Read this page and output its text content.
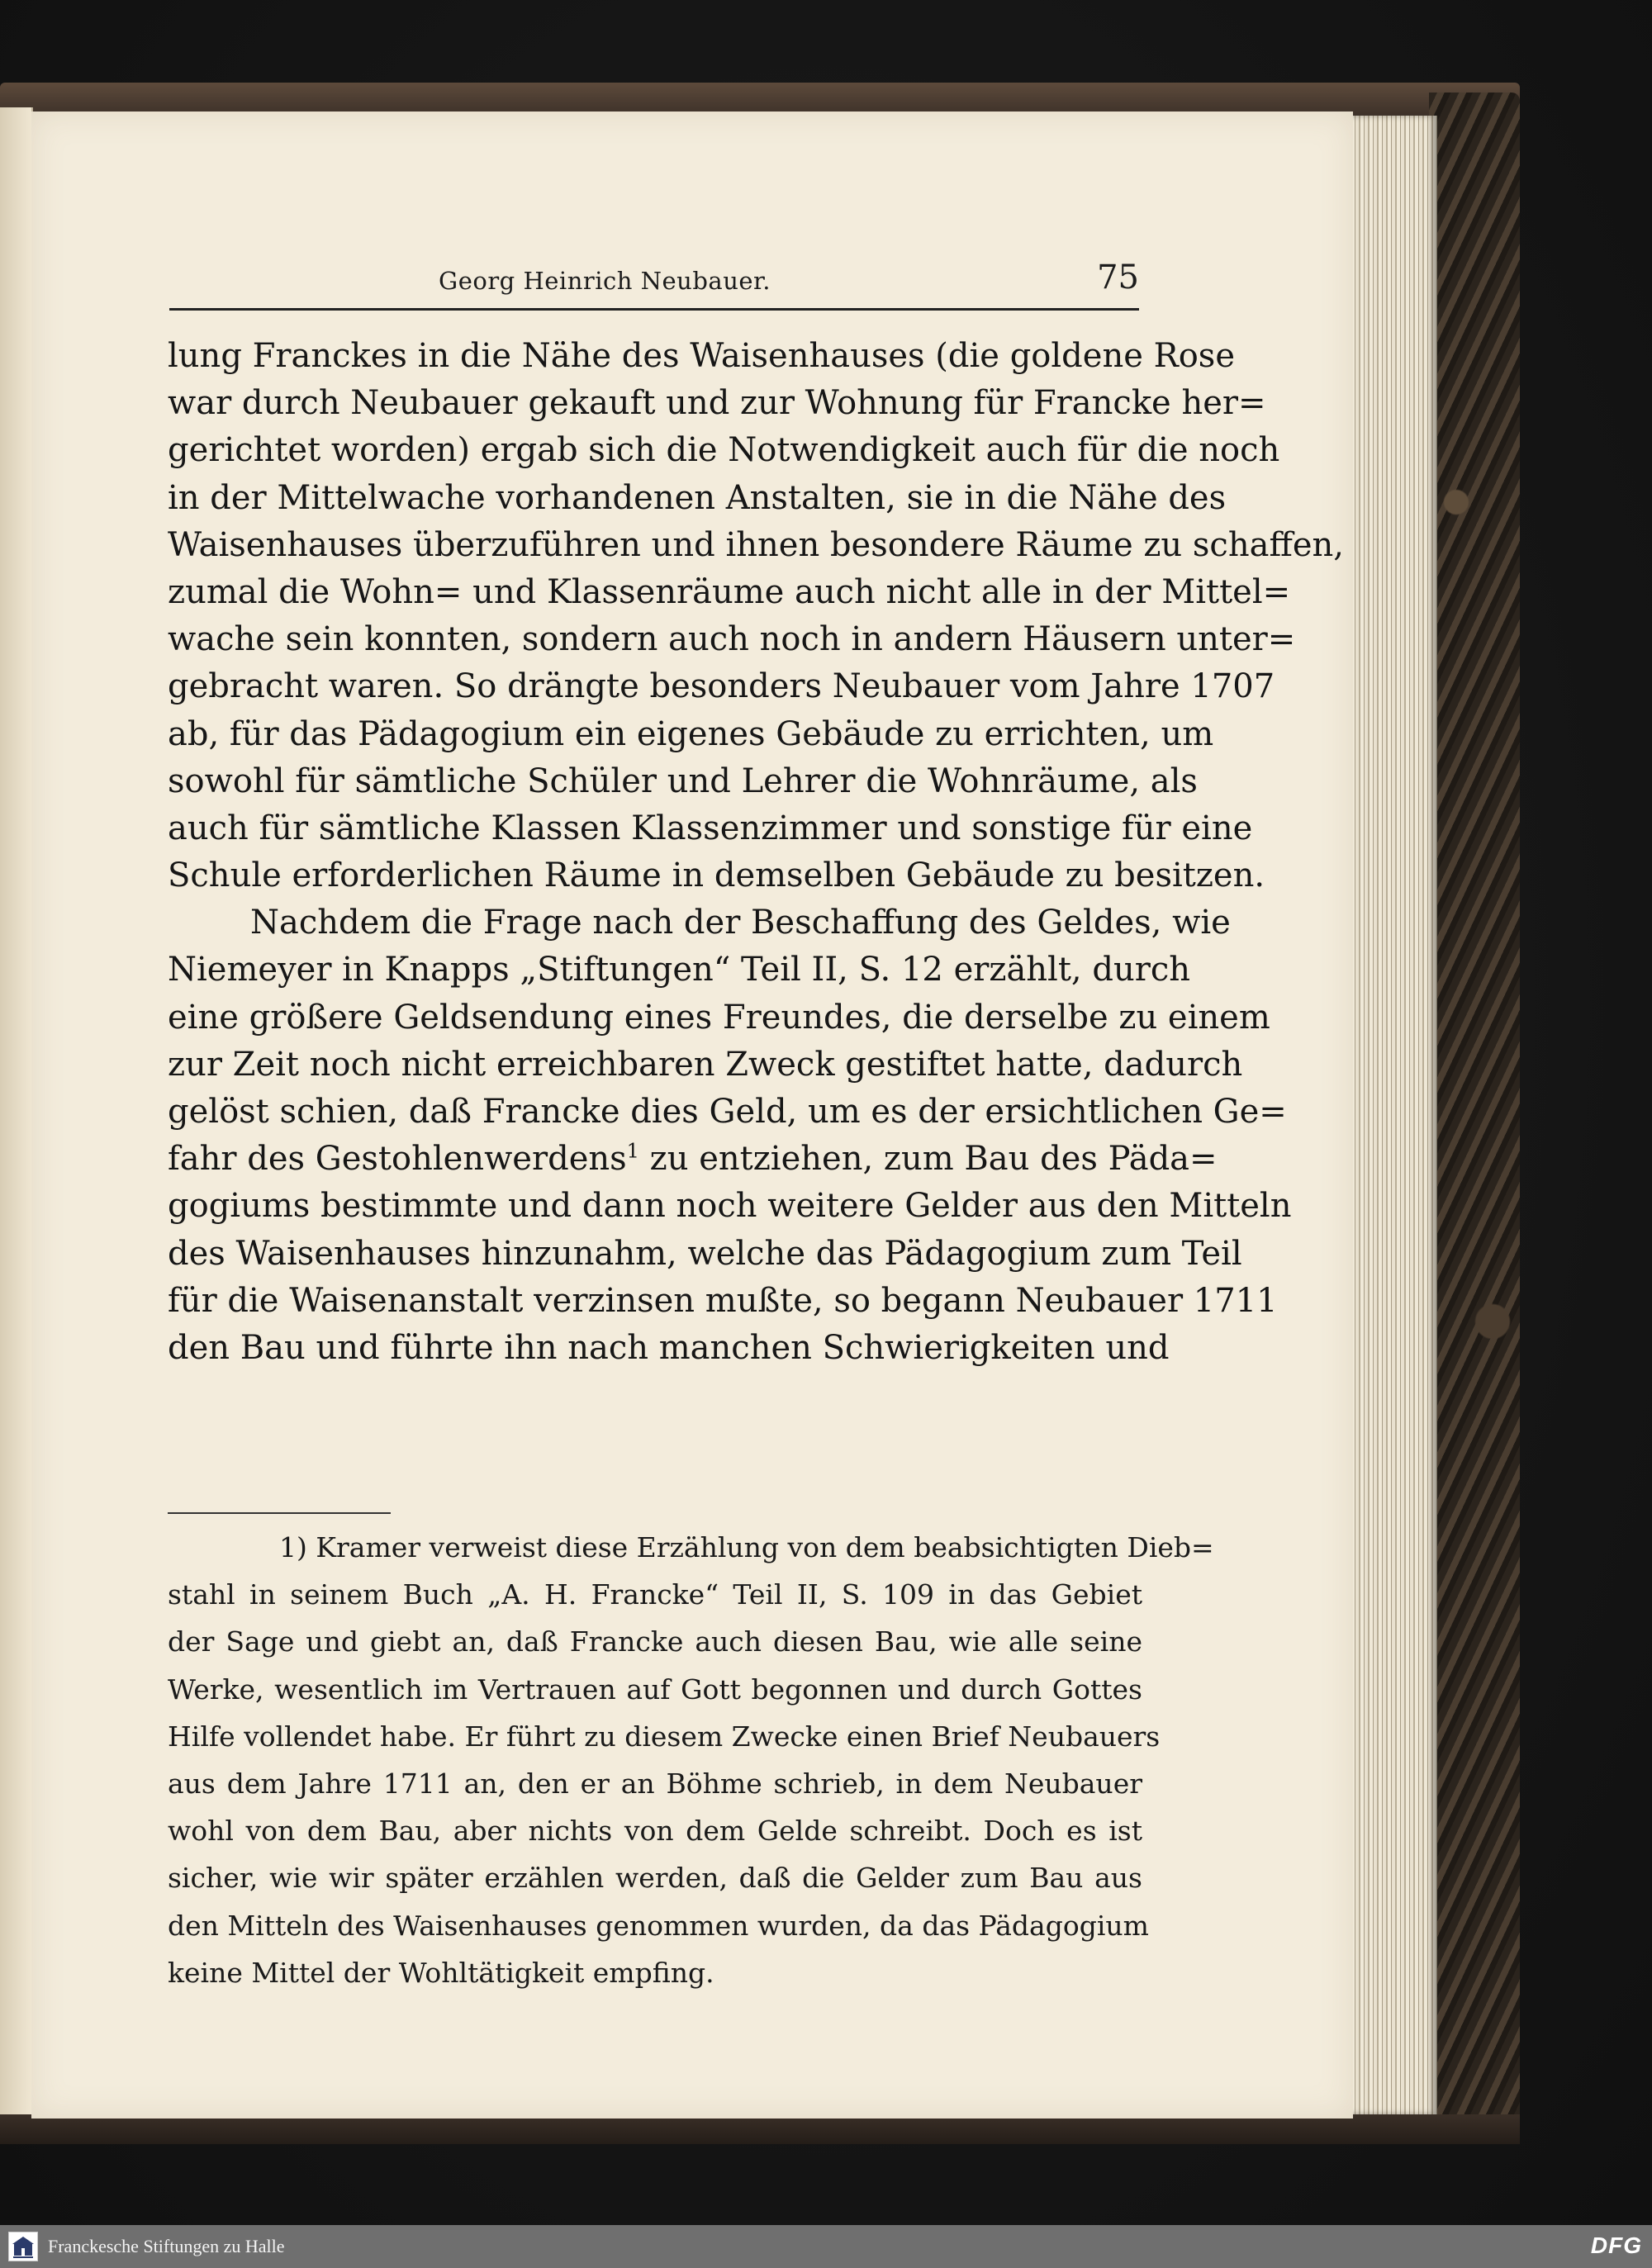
Georg Heinrich Neubauer.	75
lung Franckes in die Nähe des Waisenhauses (die goldene Rose
war durch Neubauer gekauft und zur Wohnung für Francke her=
gerichtet worden) ergab sich die Notwendigkeit auch für die noch
in der Mittelwache vorhandenen Anstalten, sie in die Nähe des
Waisenhauses überzuführen und ihnen besondere Räume zu schaffen,
zumal die Wohn= und Klassenräume auch nicht alle in der Mittel=
wache sein konnten, sondern auch noch in andern Häusern unter=
gebracht waren. So drängte besonders Neubauer vom Jahre 1707
ab, für das Pädagogium ein eigenes Gebäude zu errichten, um
sowohl für sämtliche Schüler und Lehrer die Wohnräume, als
auch für sämtliche Klassen Klassenzimmer und sonstige für eine
Schule erforderlichen Räume in demselben Gebäude zu besitzen.
Nachdem die Frage nach der Beschaffung des Geldes, wie
Niemeyer in Knapps „Stiftungen“ Teil II, S. 12 erzählt, durch
eine größere Geldsendung eines Freundes, die derselbe zu einem
zur Zeit noch nicht erreichbaren Zweck gestiftet hatte, dadurch
gelöst schien, daß Francke dies Geld, um es der ersichtlichen Ge=
fahr des Gestohlenwerdens$^1$ zu entziehen, zum Bau des Päda=
gogiums bestimmte und dann noch weitere Gelder aus den Mitteln
des Waisenhauses hinzunahm, welche das Pädagogium zum Teil
für die Waisenanstalt verzinsen mußte, so begann Neubauer 1711
den Bau und führte ihn nach manchen Schwierigkeiten und
1) Kramer verweist diese Erzählung von dem beabsichtigten Dieb=
stahl in seinem Buch „A. H. Francke“ Teil II, S. 109 in das Gebiet
der Sage und giebt an, daß Francke auch diesen Bau, wie alle seine
Werke, wesentlich im Vertrauen auf Gott begonnen und durch Gottes
Hilfe vollendet habe. Er führt zu diesem Zwecke einen Brief Neubauers
aus dem Jahre 1711 an, den er an Böhme schrieb, in dem Neubauer
wohl von dem Bau, aber nichts von dem Gelde schreibt. Doch es ist
sicher, wie wir später erzählen werden, daß die Gelder zum Bau aus
den Mitteln des Waisenhauses genommen wurden, da das Pädagogium
keine Mittel der Wohltätigkeit empfing.
Franckesche Stiftungen zu Halle	DFG
